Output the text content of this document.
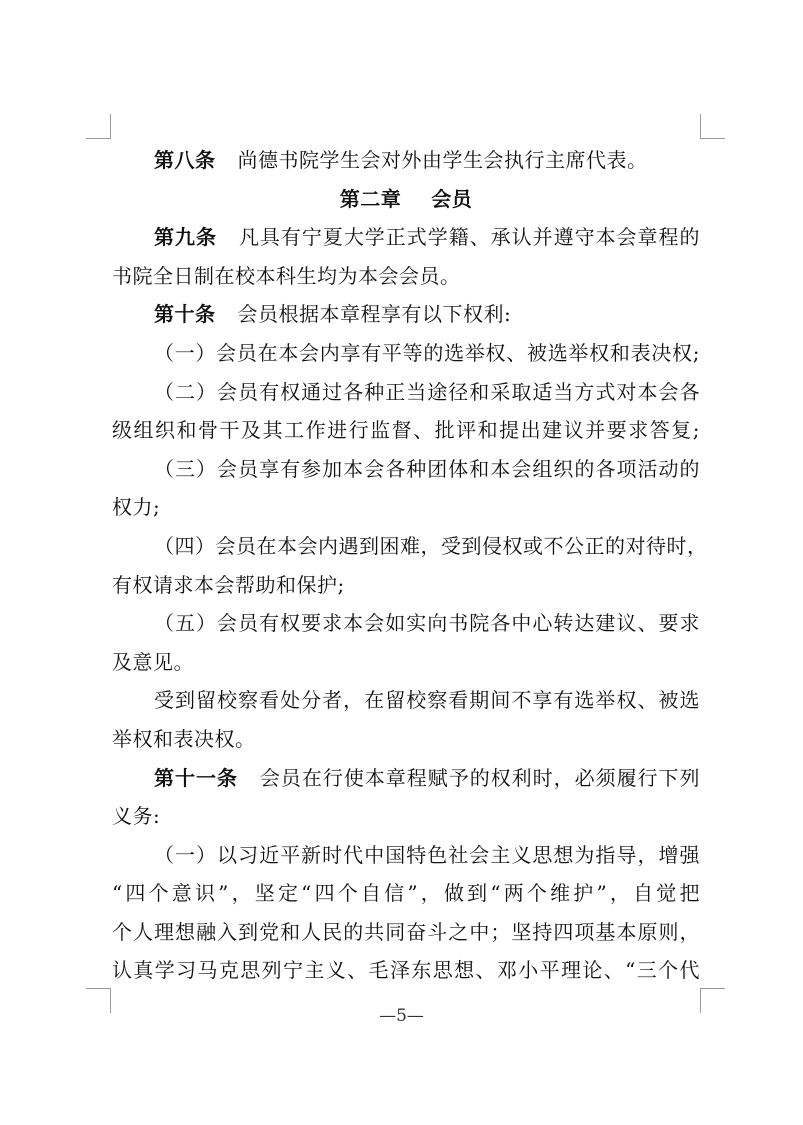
第八条 尚德书院学生会对外由学生会执行主席代表。
第二章 会员
第九条 凡具有宁夏大学正式学籍、承认并遵守本会章程的
书院全日制在校本科生均为本会会员。
第十条 会员根据本章程享有以下权利:
（一）会员在本会内享有平等的选举权、被选举权和表决权;
（二）会员有权通过各种正当途径和采取适当方式对本会各
级组织和骨干及其工作进行监督、批评和提出建议并要求答复;
（三）会员享有参加本会各种团体和本会组织的各项活动的
权力;
（四）会员在本会内遇到困难，受到侵权或不公正的对待时，
有权请求本会帮助和保护;
（五）会员有权要求本会如实向书院各中心转达建议、要求
及意见。
受到留校察看处分者，在留校察看期间不享有选举权、被选
举权和表决权。
第十一条 会员在行使本章程赋予的权利时，必须履行下列
义务:
（一）以习近平新时代中国特色社会主义思想为指导，增强
“四个意识”，坚定“四个自信”，做到“两个维护”，自觉把
个人理想融入到党和人民的共同奋斗之中；坚持四项基本原则，
认真学习马克思列宁主义、毛泽东思想、邓小平理论、“三个代
—5—
